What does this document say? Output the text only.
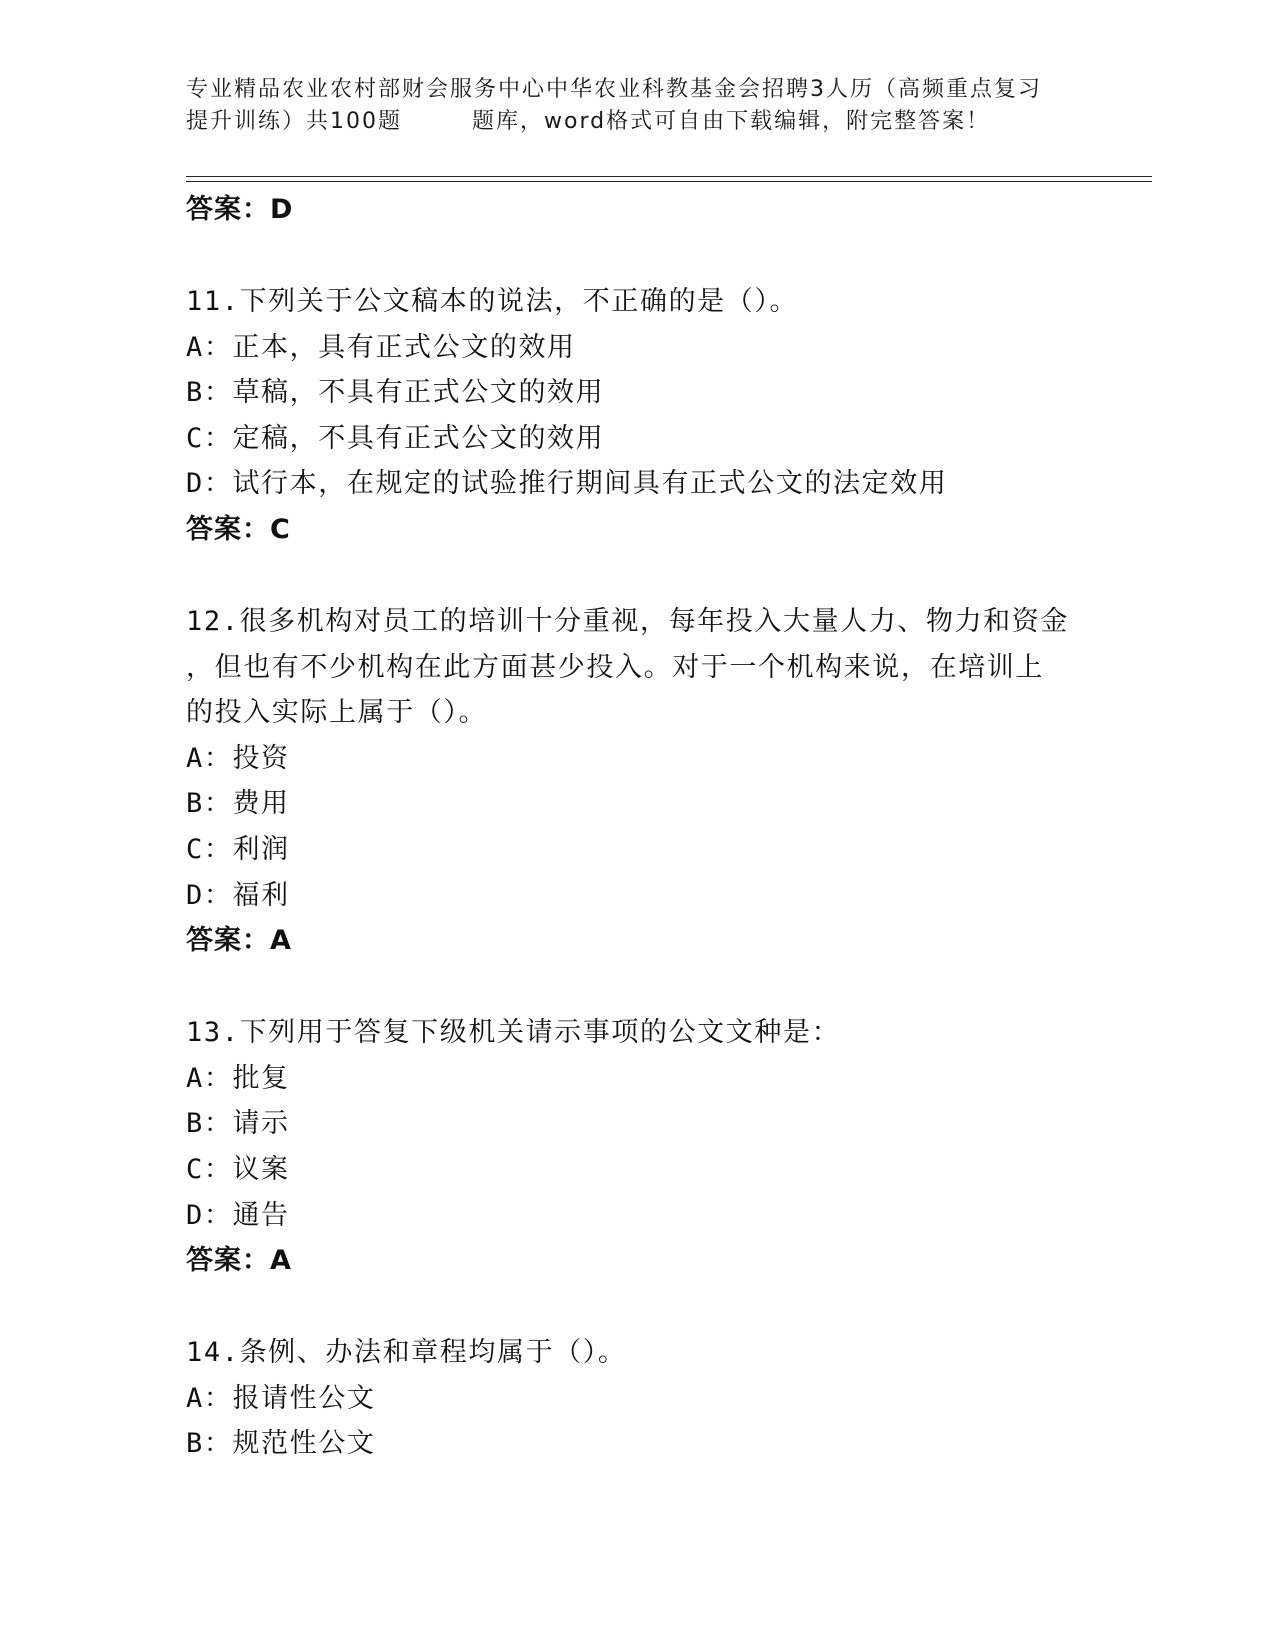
专业精品农业农村部财会服务中心中华农业科教基金会招聘3人历（高频重点复习
提升训练）共100题	题库，word格式可自由下载编辑，附完整答案！
答案：D
11.下列关于公文稿本的说法，不正确的是（）。
A：正本，具有正式公文的效用
B：草稿，不具有正式公文的效用
C：定稿，不具有正式公文的效用
D：试行本，在规定的试验推行期间具有正式公文的法定效用
答案：C
12.很多机构对员工的培训十分重视，每年投入大量人力、物力和资金
，但也有不少机构在此方面甚少投入。对于一个机构来说，在培训上
的投入实际上属于（）。
A：投资
B：费用
C：利润
D：福利
答案：A
13.下列用于答复下级机关请示事项的公文文种是：
A：批复
B：请示
C：议案
D：通告
答案：A
14.条例、办法和章程均属于（）。
A：报请性公文
B：规范性公文
